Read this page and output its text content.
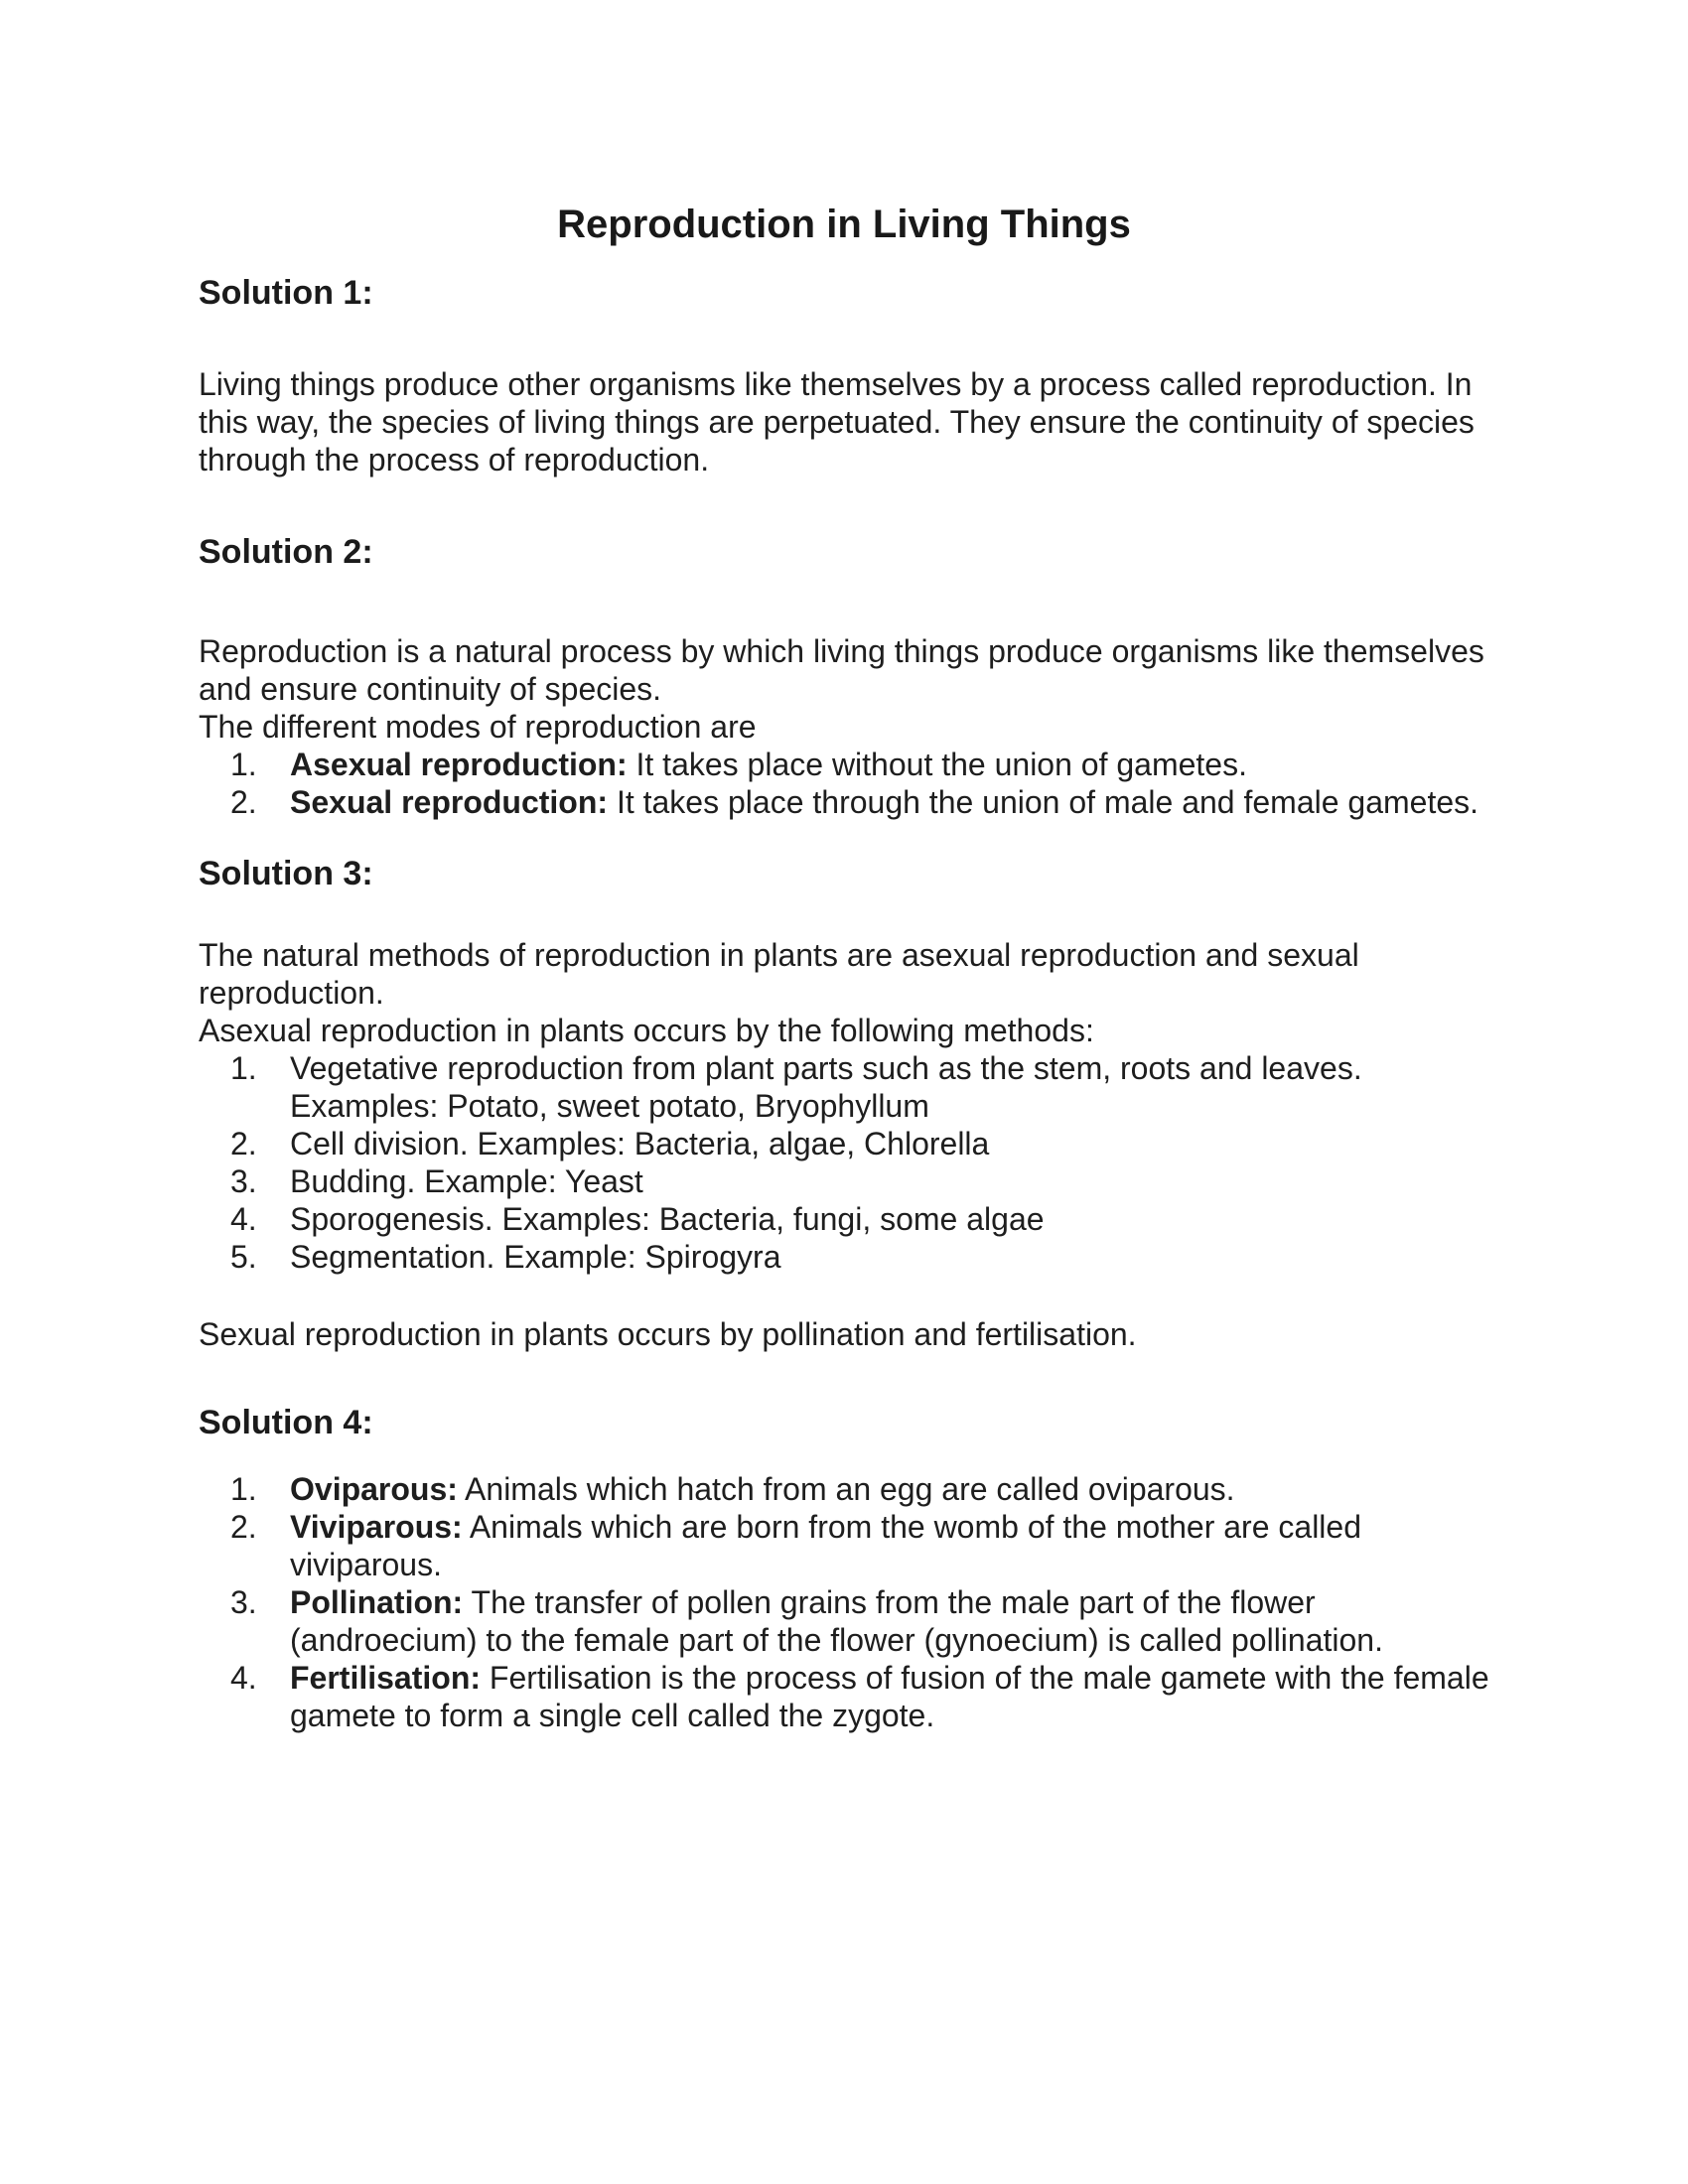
Reproduction in Living Things
Solution 1:

Living things produce other organisms like themselves by a process called reproduction. In this way, the species of living things are perpetuated. They ensure the continuity of species through the process of reproduction.

Solution 2:

Reproduction is a natural process by which living things produce organisms like themselves and ensure continuity of species.
The different modes of reproduction are

1. Asexual reproduction: It takes place without the union of gametes.
2. Sexual reproduction: It takes place through the union of male and female gametes.
Solution 3:

The natural methods of reproduction in plants are asexual reproduction and sexual reproduction.
Asexual reproduction in plants occurs by the following methods:

1. Vegetative reproduction from plant parts such as the stem, roots and leaves. Examples: Potato, sweet potato, Bryophyllum
2. Cell division. Examples: Bacteria, algae, Chlorella
3. Budding. Example: Yeast
4. Sporogenesis. Examples: Bacteria, fungi, some algae
5. Segmentation. Example: Spirogyra

Sexual reproduction in plants occurs by pollination and fertilisation.

Solution 4:
1. Oviparous: Animals which hatch from an egg are called oviparous.
2. Viviparous: Animals which are born from the womb of the mother are called viviparous.
3. Pollination: The transfer of pollen grains from the male part of the flower (androecium) to the female part of the flower (gynoecium) is called pollination.
4. Fertilisation: Fertilisation is the process of fusion of the male gamete with the female gamete to form a single cell called the zygote.
